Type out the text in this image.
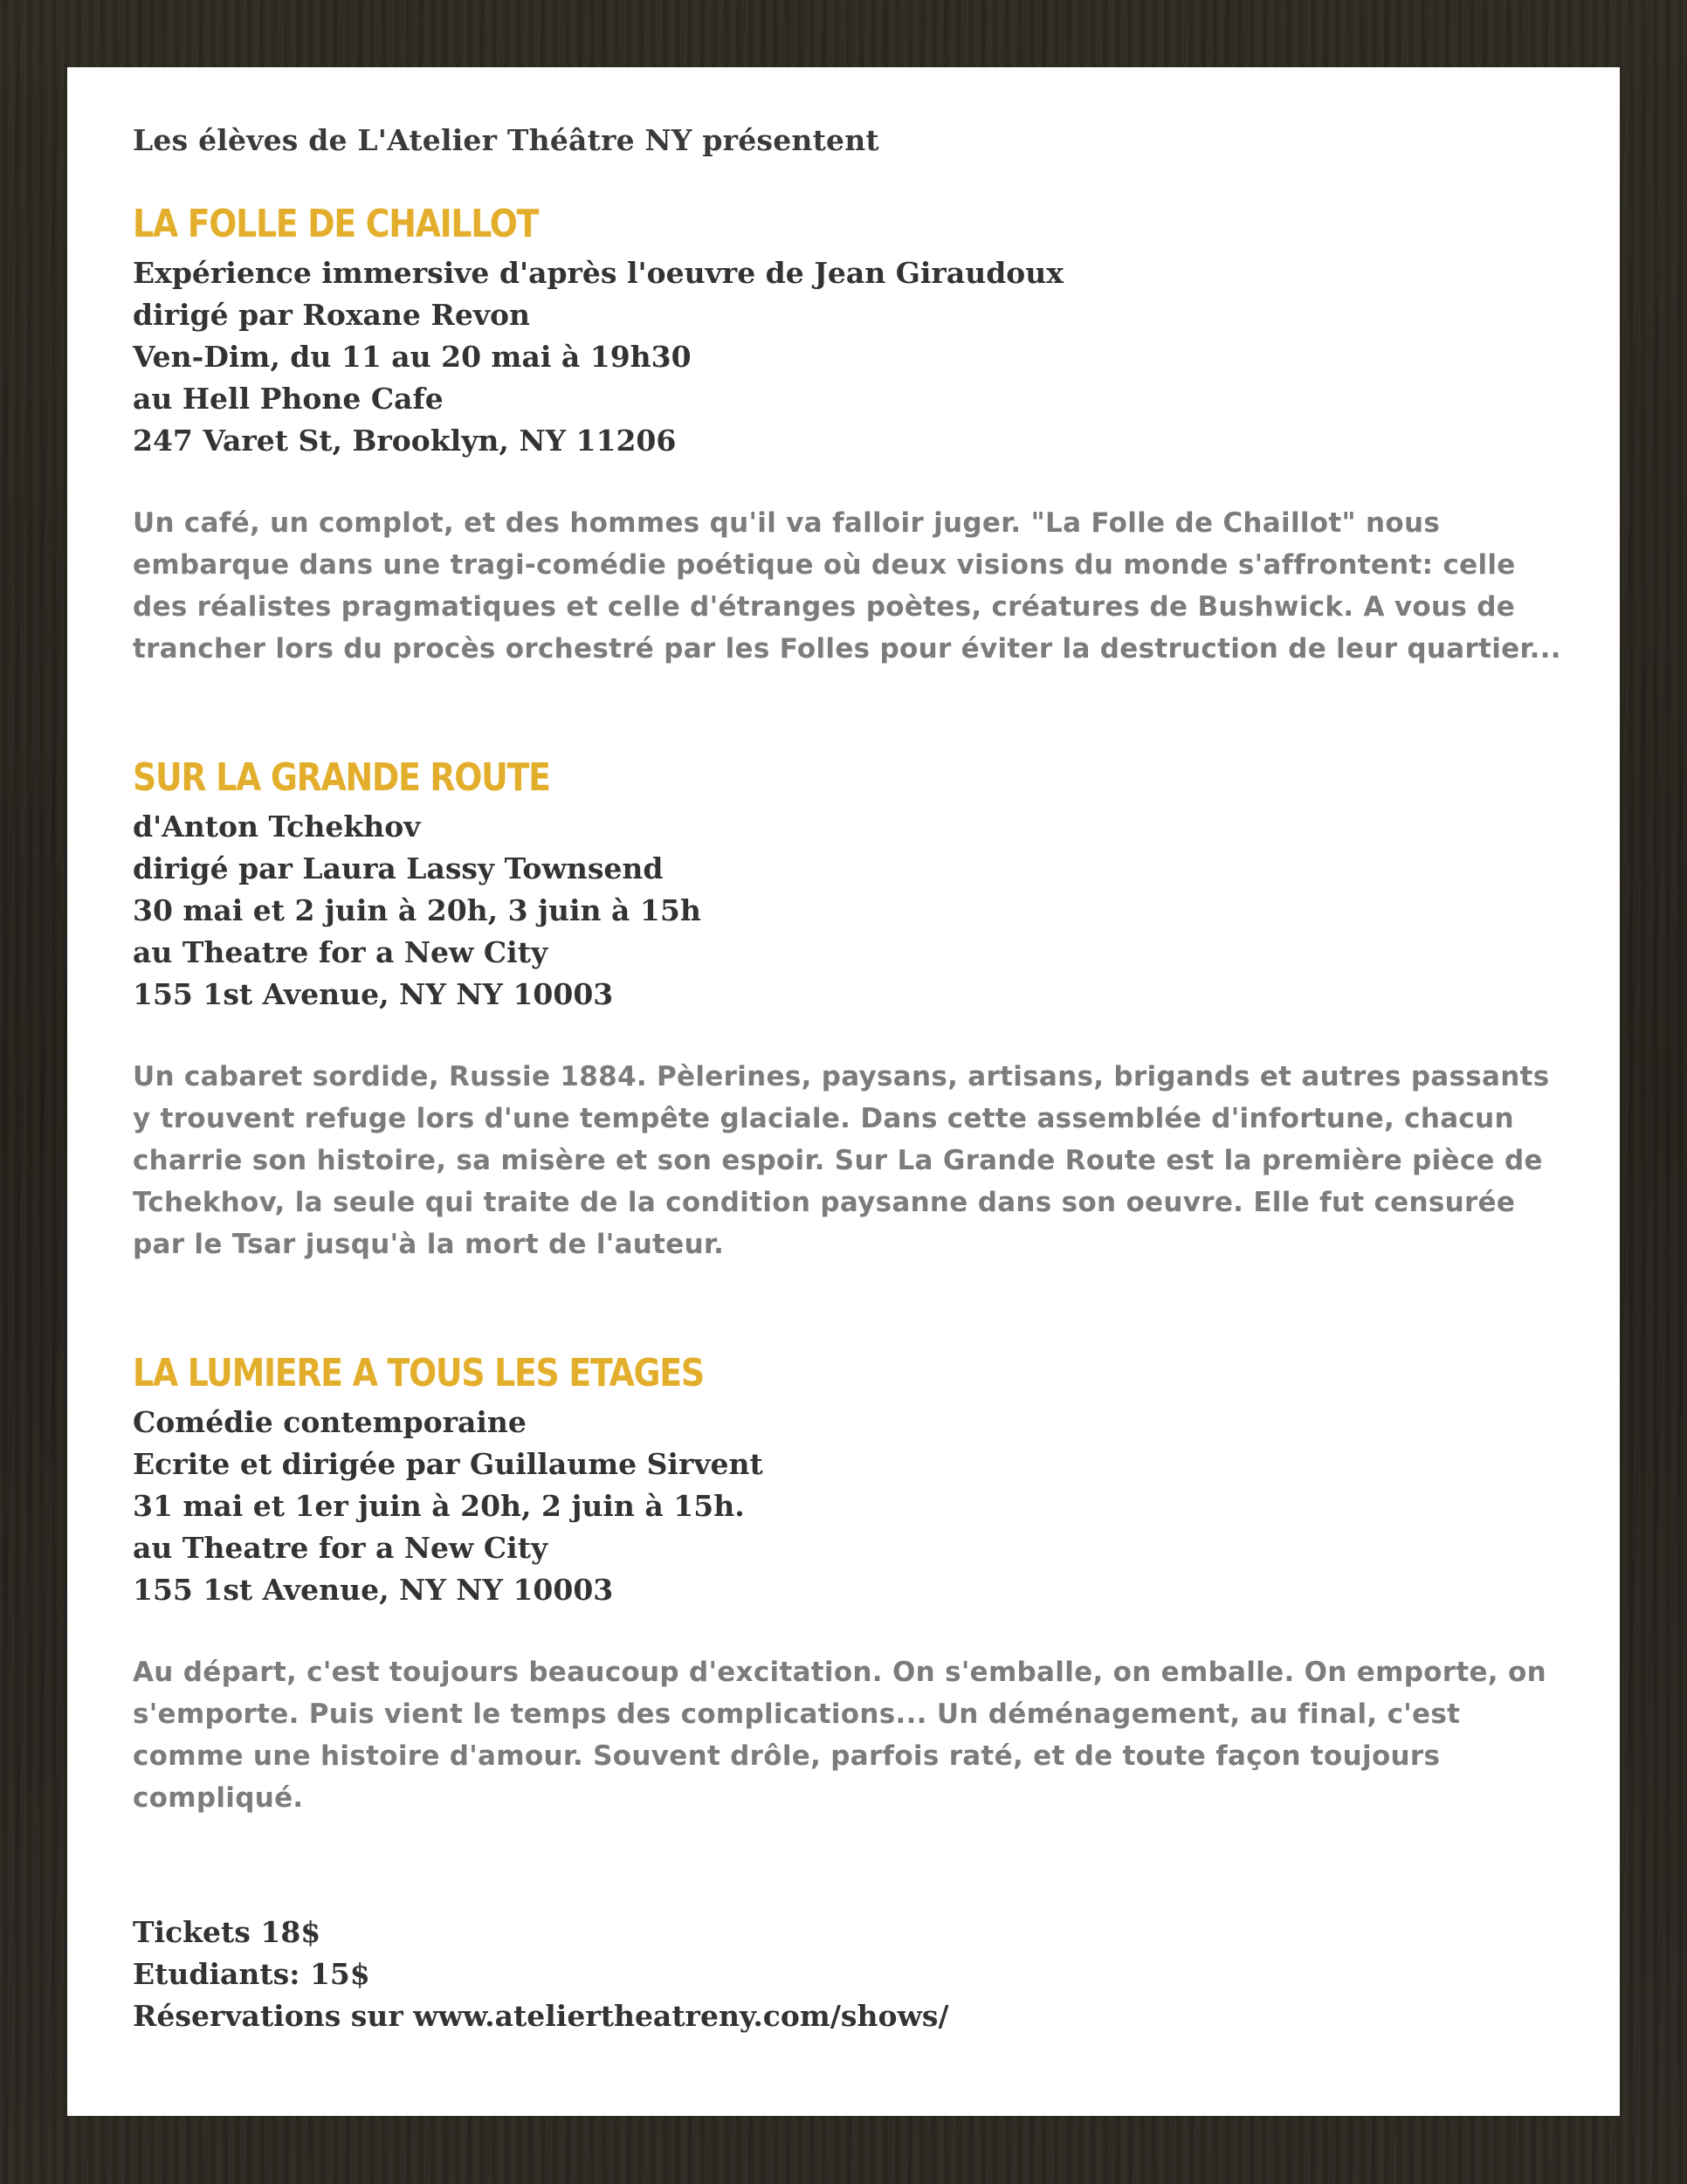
Les élèves de L'Atelier Théâtre NY présentent

LA FOLLE DE CHAILLOT
Expérience immersive d'après l'oeuvre de Jean Giraudoux
dirigé par Roxane Revon
Ven-Dim, du 11 au 20 mai à 19h30
au Hell Phone Cafe
247 Varet St, Brooklyn, NY 11206

Un café, un complot, et des hommes qu'il va falloir juger. "La Folle de Chaillot" nous embarque dans une tragi-comédie poétique où deux visions du monde s'affrontent: celle des réalistes pragmatiques et celle d'étranges poètes, créatures de Bushwick. A vous de trancher lors du procès orchestré par les Folles pour éviter la destruction de leur quartier...

SUR LA GRANDE ROUTE
d'Anton Tchekhov
dirigé par Laura Lassy Townsend
30 mai et 2 juin à 20h, 3 juin à 15h
au Theatre for a New City
155 1st Avenue, NY NY 10003

Un cabaret sordide, Russie 1884. Pèlerines, paysans, artisans, brigands et autres passants y trouvent refuge lors d'une tempête glaciale. Dans cette assemblée d'infortune, chacun charrie son histoire, sa misère et son espoir. Sur La Grande Route est la première pièce de Tchekhov, la seule qui traite de la condition paysanne dans son oeuvre. Elle fut censurée par le Tsar jusqu'à la mort de l'auteur.

LA LUMIERE A TOUS LES ETAGES
Comédie contemporaine
Ecrite et dirigée par Guillaume Sirvent
31 mai et 1er juin à 20h, 2 juin à 15h.
au Theatre for a New City
155 1st Avenue, NY NY 10003

Au départ, c'est toujours beaucoup d'excitation. On s'emballe, on emballe. On emporte, on s'emporte. Puis vient le temps des complications... Un déménagement, au final, c'est comme une histoire d'amour. Souvent drôle, parfois raté, et de toute façon toujours compliqué.

Tickets 18$
Etudiants: 15$
Réservations sur www.ateliertheatreny.com/shows/
